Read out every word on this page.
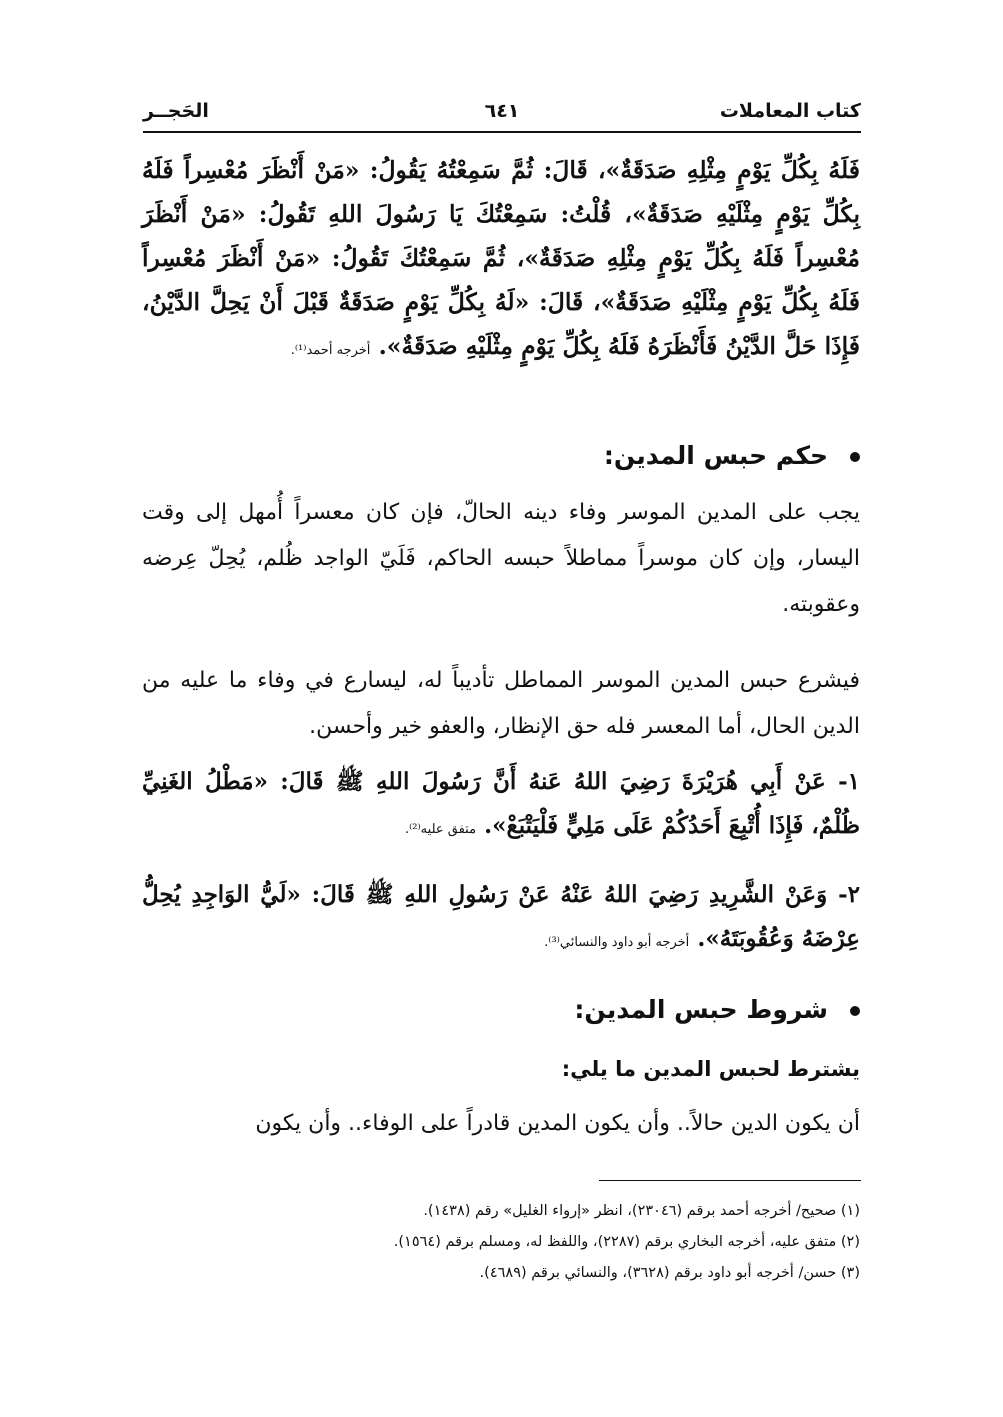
كتاب المعاملات
٦٤١
الحَجــر
فَلَهُ بِكُلِّ يَوْمٍ مِثْلِهِ صَدَقَةٌ»، قَالَ: ثُمَّ سَمِعْتُهُ يَقُولُ: «مَنْ أَنْظَرَ مُعْسِراً فَلَهُ بِكُلِّ يَوْمٍ مِثْلَيْهِ صَدَقَةٌ»، قُلْتُ: سَمِعْتُكَ يَا رَسُولَ اللهِ تَقُولُ: «مَنْ أَنْظَرَ مُعْسِراً فَلَهُ بِكُلِّ يَوْمٍ مِثْلِهِ صَدَقَةٌ»، ثُمَّ سَمِعْتُكَ تَقُولُ: «مَنْ أَنْظَرَ مُعْسِراً فَلَهُ بِكُلِّ يَوْمٍ مِثْلَيْهِ صَدَقَةٌ»، قَالَ: «لَهُ بِكُلِّ يَوْمٍ صَدَقَةٌ قَبْلَ أَنْ يَحِلَّ الدَّيْنُ، فَإِذَا حَلَّ الدَّيْنُ فَأَنْظَرَهُ فَلَهُ بِكُلِّ يَوْمٍ مِثْلَيْهِ صَدَقَةٌ». أخرجه أحمد⁽¹⁾.
حكم حبس المدين:
يجب على المدين الموسر وفاء دينه الحالّ، فإن كان معسراً أُمهل إلى وقت اليسار، وإن كان موسراً مماطلاً حبسه الحاكم، فَلَيّ الواجد ظُلم، يُحِلّ عِرضه وعقوبته.
فيشرع حبس المدين الموسر المماطل تأديباً له، ليسارع في وفاء ما عليه من الدين الحال، أما المعسر فله حق الإنظار، والعفو خير وأحسن.
١- عَنْ أَبِي هُرَيْرَةَ رَضِيَ اللهُ عَنهُ أَنَّ رَسُولَ اللهِ ﷺ قَالَ: «مَطْلُ الغَنِيِّ ظُلْمٌ، فَإِذَا أُتْبِعَ أَحَدُكُمْ عَلَى مَلِيٍّ فَلْيَتْبَعْ». متفق عليه⁽²⁾.
٢- وَعَنْ الشَّرِيدِ رَضِيَ اللهُ عَنْهُ عَنْ رَسُولِ اللهِ ﷺ قَالَ: «لَيُّ الوَاجِدِ يُحِلُّ عِرْضَهُ وَعُقُوبَتَهُ». أخرجه أبو داود والنسائي⁽³⁾.
شروط حبس المدين:
يشترط لحبس المدين ما يلي:
أن يكون الدين حالاً.. وأن يكون المدين قادراً على الوفاء.. وأن يكون
(١) صحيح/ أخرجه أحمد برقم (٢٣٠٤٦)، انظر «إرواء الغليل» رقم (١٤٣٨).
(٢) متفق عليه، أخرجه البخاري برقم (٢٢٨٧)، واللفظ له، ومسلم برقم (١٥٦٤).
(٣) حسن/ أخرجه أبو داود برقم (٣٦٢٨)، والنسائي برقم (٤٦٨٩).
